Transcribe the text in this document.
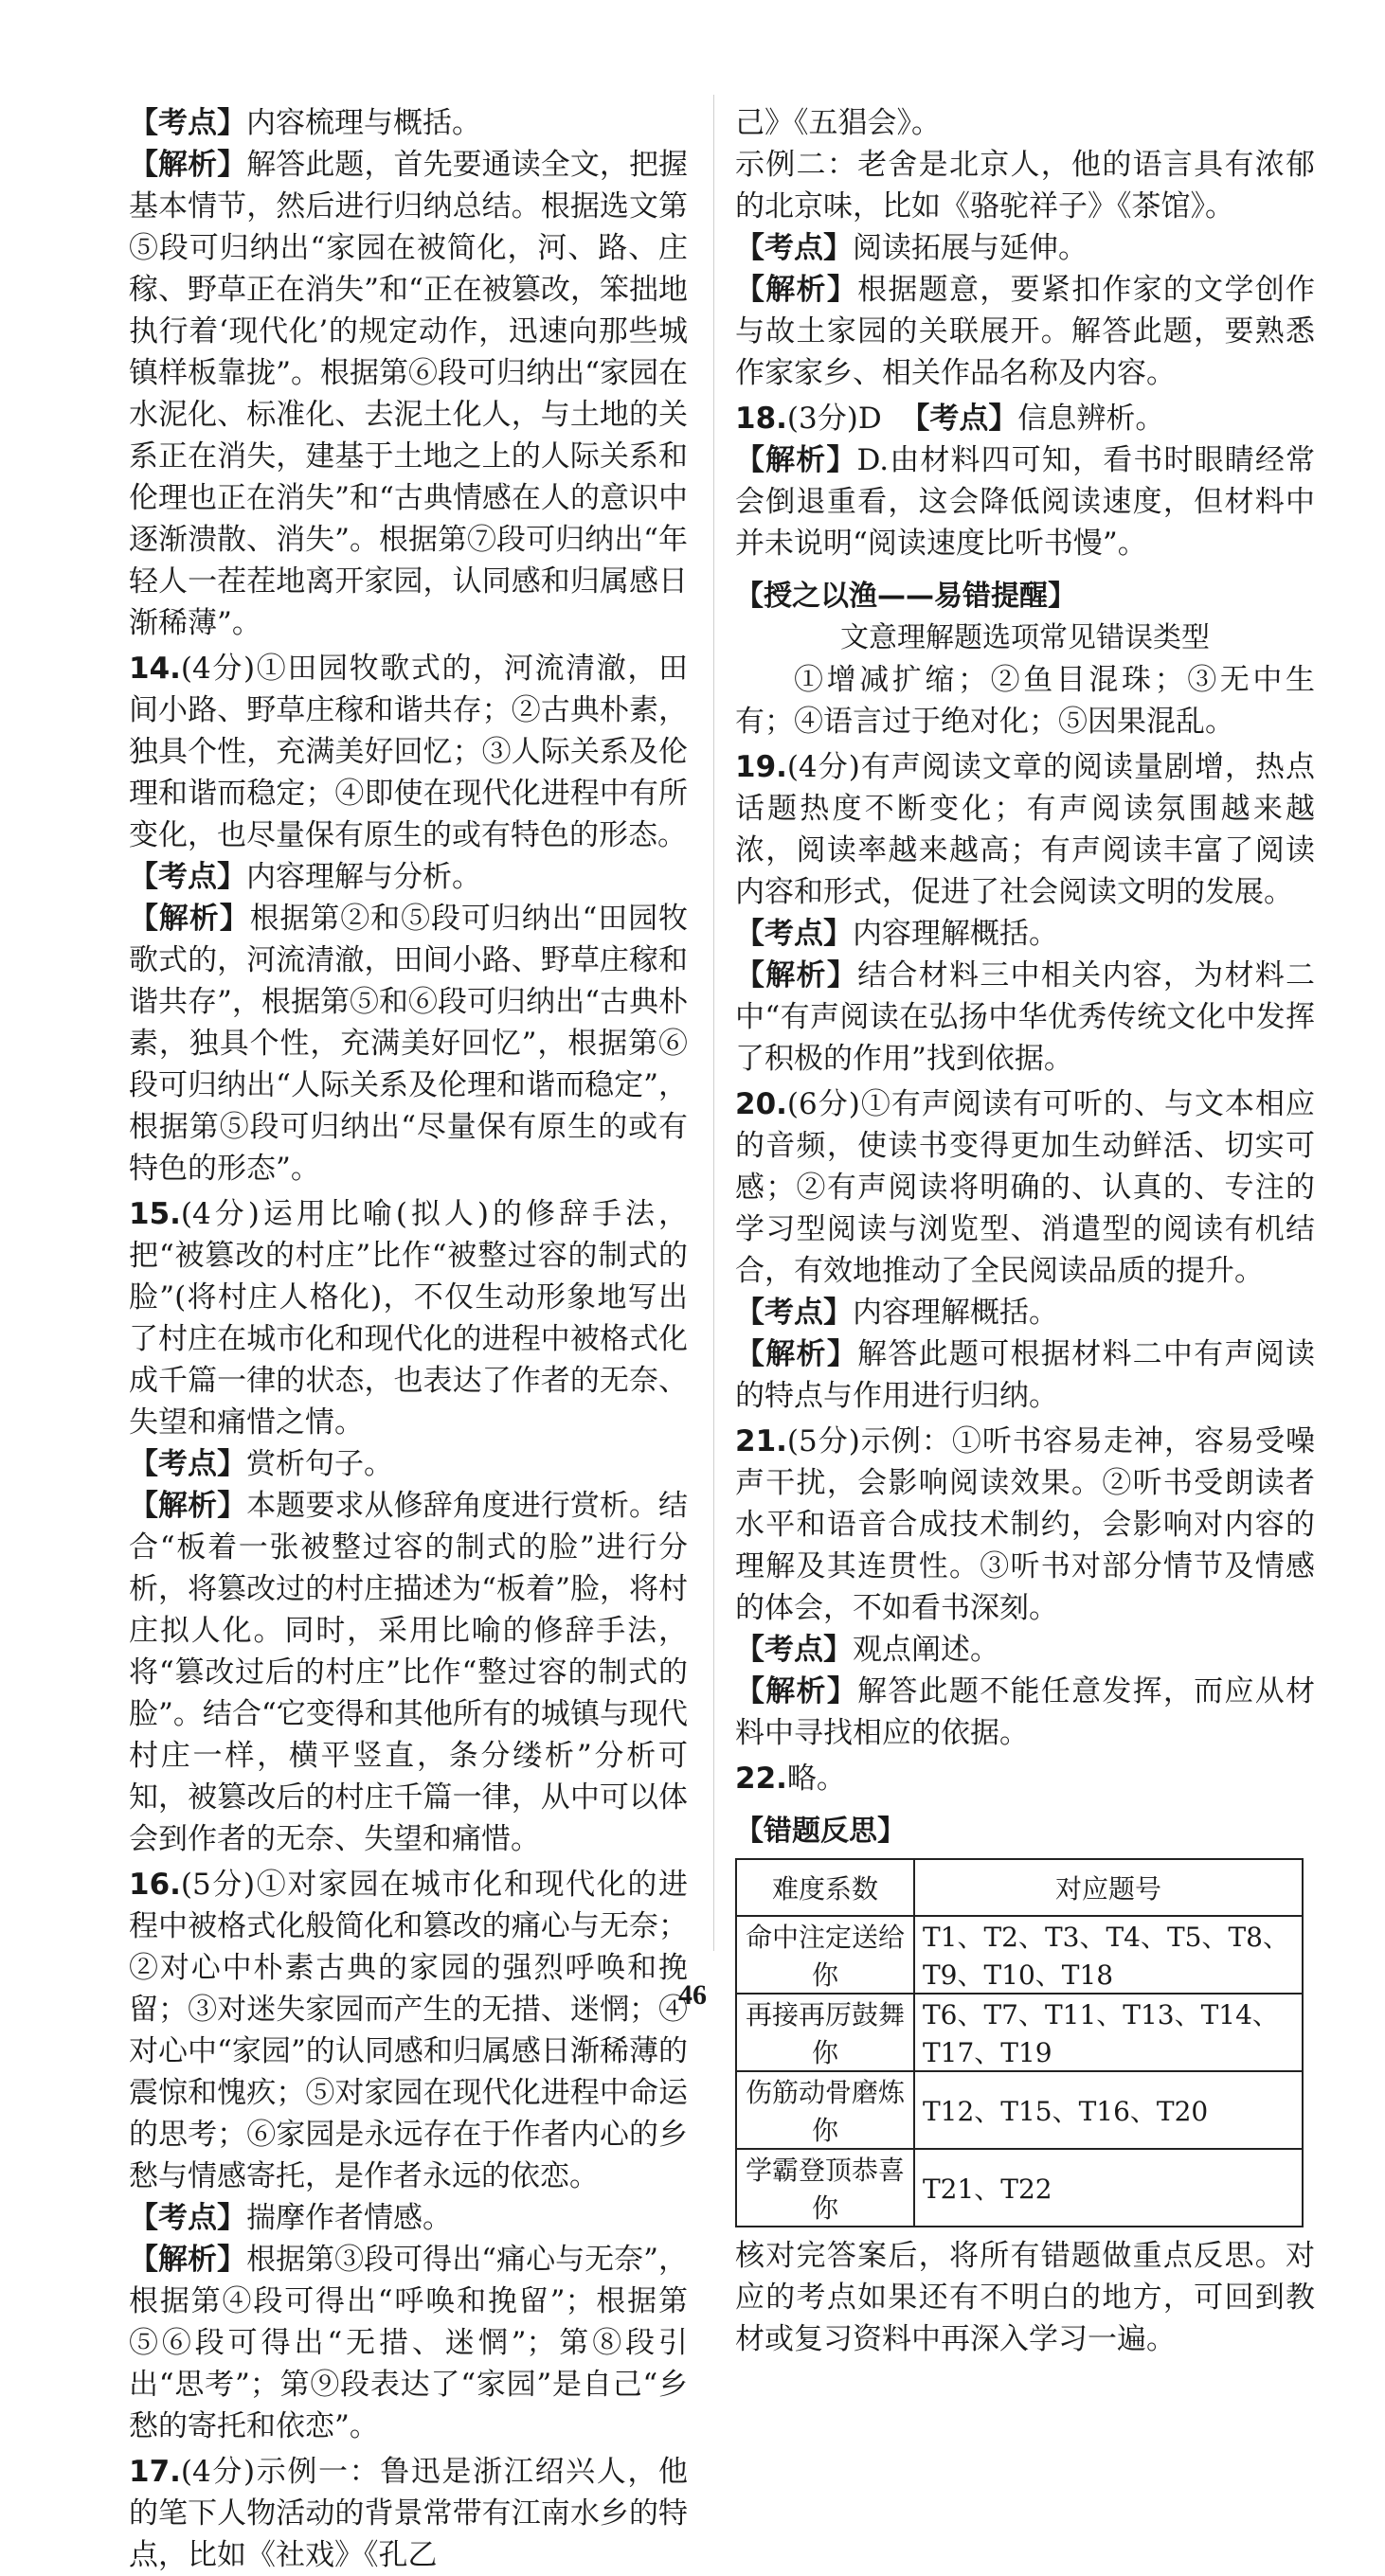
【考点】内容梳理与概括。

【解析】解答此题，首先要通读全文，把握基本情节，然后进行归纳总结。根据选文第⑤段可归纳出“家园在被简化，河、路、庄稼、野草正在消失”和“正在被篡改，笨拙地执行着‘现代化’的规定动作，迅速向那些城镇样板靠拢”。根据第⑥段可归纳出“家园在水泥化、标准化、去泥土化人，与土地的关系正在消失，建基于土地之上的人际关系和伦理也正在消失”和“古典情感在人的意识中逐渐溃散、消失”。根据第⑦段可归纳出“年轻人一茬茬地离开家园，认同感和归属感日渐稀薄”。

14.(4分)①田园牧歌式的，河流清澈，田间小路、野草庄稼和谐共存；②古典朴素，独具个性，充满美好回忆；③人际关系及伦理和谐而稳定；④即使在现代化进程中有所变化，也尽量保有原生的或有特色的形态。

【考点】内容理解与分析。

【解析】根据第②和⑤段可归纳出“田园牧歌式的，河流清澈，田间小路、野草庄稼和谐共存”，根据第⑤和⑥段可归纳出“古典朴素，独具个性，充满美好回忆”，根据第⑥段可归纳出“人际关系及伦理和谐而稳定”，根据第⑤段可归纳出“尽量保有原生的或有特色的形态”。

15.(4分)运用比喻(拟人)的修辞手法，把“被篡改的村庄”比作“被整过容的制式的脸”(将村庄人格化)，不仅生动形象地写出了村庄在城市化和现代化的进程中被格式化成千篇一律的状态，也表达了作者的无奈、失望和痛惜之情。

【考点】赏析句子。

【解析】本题要求从修辞角度进行赏析。结合“板着一张被整过容的制式的脸”进行分析，将篡改过的村庄描述为“板着”脸，将村庄拟人化。同时，采用比喻的修辞手法，将“篡改过后的村庄”比作“整过容的制式的脸”。结合“它变得和其他所有的城镇与现代村庄一样，横平竖直，条分缕析”分析可知，被篡改后的村庄千篇一律，从中可以体会到作者的无奈、失望和痛惜。

16.(5分)①对家园在城市化和现代化的进程中被格式化般简化和篡改的痛心与无奈；②对心中朴素古典的家园的强烈呼唤和挽留；③对迷失家园而产生的无措、迷惘；④对心中“家园”的认同感和归属感日渐稀薄的震惊和愧疚；⑤对家园在现代化进程中命运的思考；⑥家园是永远存在于作者内心的乡愁与情感寄托，是作者永远的依恋。

【考点】揣摩作者情感。

【解析】根据第③段可得出“痛心与无奈”，根据第④段可得出“呼唤和挽留”；根据第⑤⑥段可得出“无措、迷惘”；第⑧段引出“思考”；第⑨段表达了“家园”是自己“乡愁的寄托和依恋”。

17.(4分)示例一：鲁迅是浙江绍兴人，他的笔下人物活动的背景常带有江南水乡的特点，比如《社戏》《孔乙

己》《五猖会》。

示例二：老舍是北京人，他的语言具有浓郁的北京味，比如《骆驼祥子》《茶馆》。

【考点】阅读拓展与延伸。

【解析】根据题意，要紧扣作家的文学创作与故土家园的关联展开。解答此题，要熟悉作家家乡、相关作品名称及内容。

18.(3分)D 【考点】信息辨析。

【解析】D.由材料四可知，看书时眼睛经常会倒退重看，这会降低阅读速度，但材料中并未说明“阅读速度比听书慢”。

【授之以渔——易错提醒】
文意理解题选项常见错误类型

①增减扩缩；②鱼目混珠；③无中生有；④语言过于绝对化；⑤因果混乱。

19.(4分)有声阅读文章的阅读量剧增，热点话题热度不断变化；有声阅读氛围越来越浓，阅读率越来越高；有声阅读丰富了阅读内容和形式，促进了社会阅读文明的发展。

【考点】内容理解概括。

【解析】结合材料三中相关内容，为材料二中“有声阅读在弘扬中华优秀传统文化中发挥了积极的作用”找到依据。

20.(6分)①有声阅读有可听的、与文本相应的音频，使读书变得更加生动鲜活、切实可感；②有声阅读将明确的、认真的、专注的学习型阅读与浏览型、消遣型的阅读有机结合，有效地推动了全民阅读品质的提升。

【考点】内容理解概括。

【解析】解答此题可根据材料二中有声阅读的特点与作用进行归纳。

21.(5分)示例：①听书容易走神，容易受噪声干扰，会影响阅读效果。②听书受朗读者水平和语音合成技术制约，会影响对内容的理解及其连贯性。③听书对部分情节及情感的体会，不如看书深刻。

【考点】观点阐述。

【解析】解答此题不能任意发挥，而应从材料中寻找相应的依据。

22.略。

【错题反思】
难度系数	对应题号
命中注定送给你	T1、T2、T3、T4、T5、T8、T9、T10、T18
再接再厉鼓舞你	T6、T7、T11、T13、T14、T17、T19
伤筋动骨磨炼你	T12、T15、T16、T20
学霸登顶恭喜你	T21、T22

核对完答案后，将所有错题做重点反思。对应的考点如果还有不明白的地方，可回到教材或复习资料中再深入学习一遍。

46
